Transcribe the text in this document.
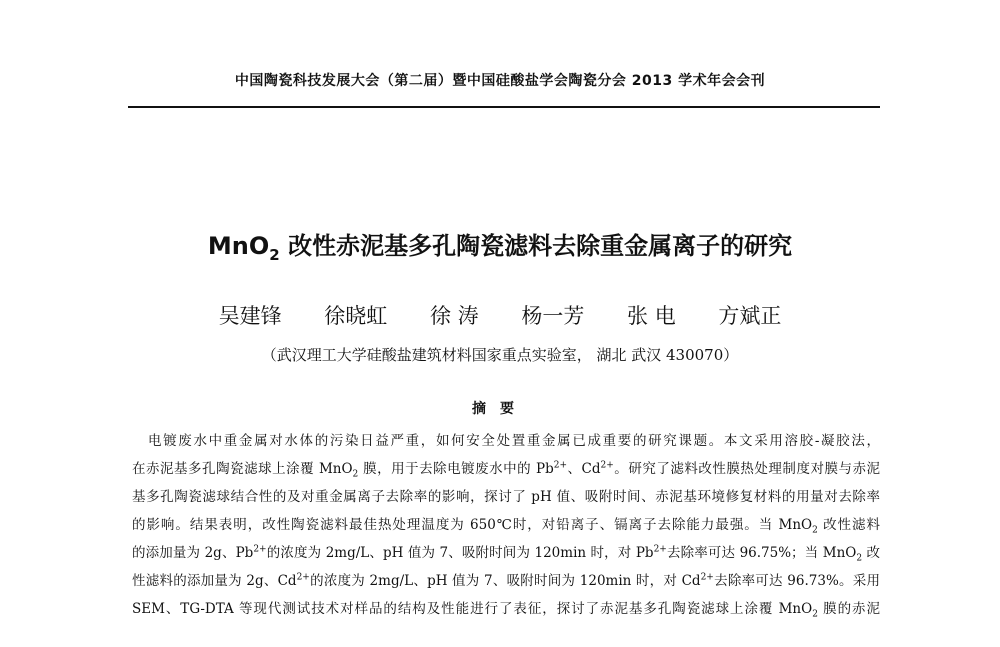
中国陶瓷科技发展大会（第二届）暨中国硅酸盐学会陶瓷分会 2013 学术年会会刊
MnO$_2$ 改性赤泥基多孔陶瓷滤料去除重金属离子的研究
吴建锋 徐晓虹 徐 涛 杨一芳 张 电 方斌正
（武汉理工大学硅酸盐建筑材料国家重点实验室， 湖北 武汉 430070）
摘要
电镀废水中重金属对水体的污染日益严重，如何安全处置重金属已成重要的研究课题。本文采用溶胶-凝胶法，
在赤泥基多孔陶瓷滤球上涂覆 MnO$_2$ 膜，用于去除电镀废水中的 $Pb^{2+}$、$Cd^{2+}$。研究了滤料改性膜热处理制度对膜与赤泥
基多孔陶瓷滤球结合性的及对重金属离子去除率的影响，探讨了 pH 值、吸附时间、赤泥基环境修复材料的用量对去除率
的影响。结果表明，改性陶瓷滤料最佳热处理温度为 650℃时，对铅离子、镉离子去除能力最强。当 MnO$_2$ 改性滤料
的添加量为 2g、$Pb^{2+}$的浓度为 2mg/L、pH 值为 7、吸附时间为 120min 时，对 $Pb^{2+}$去除率可达 96.75%；当 MnO$_2$ 改
性滤料的添加量为 2g、$Cd^{2+}$的浓度为 2mg/L、pH 值为 7、吸附时间为 120min 时，对 $Cd^{2+}$去除率可达 96.73%。采用
SEM、TG-DTA 等现代测试技术对样品的结构及性能进行了表征，探讨了赤泥基多孔陶瓷滤球上涂覆 MnO$_2$ 膜的赤泥
